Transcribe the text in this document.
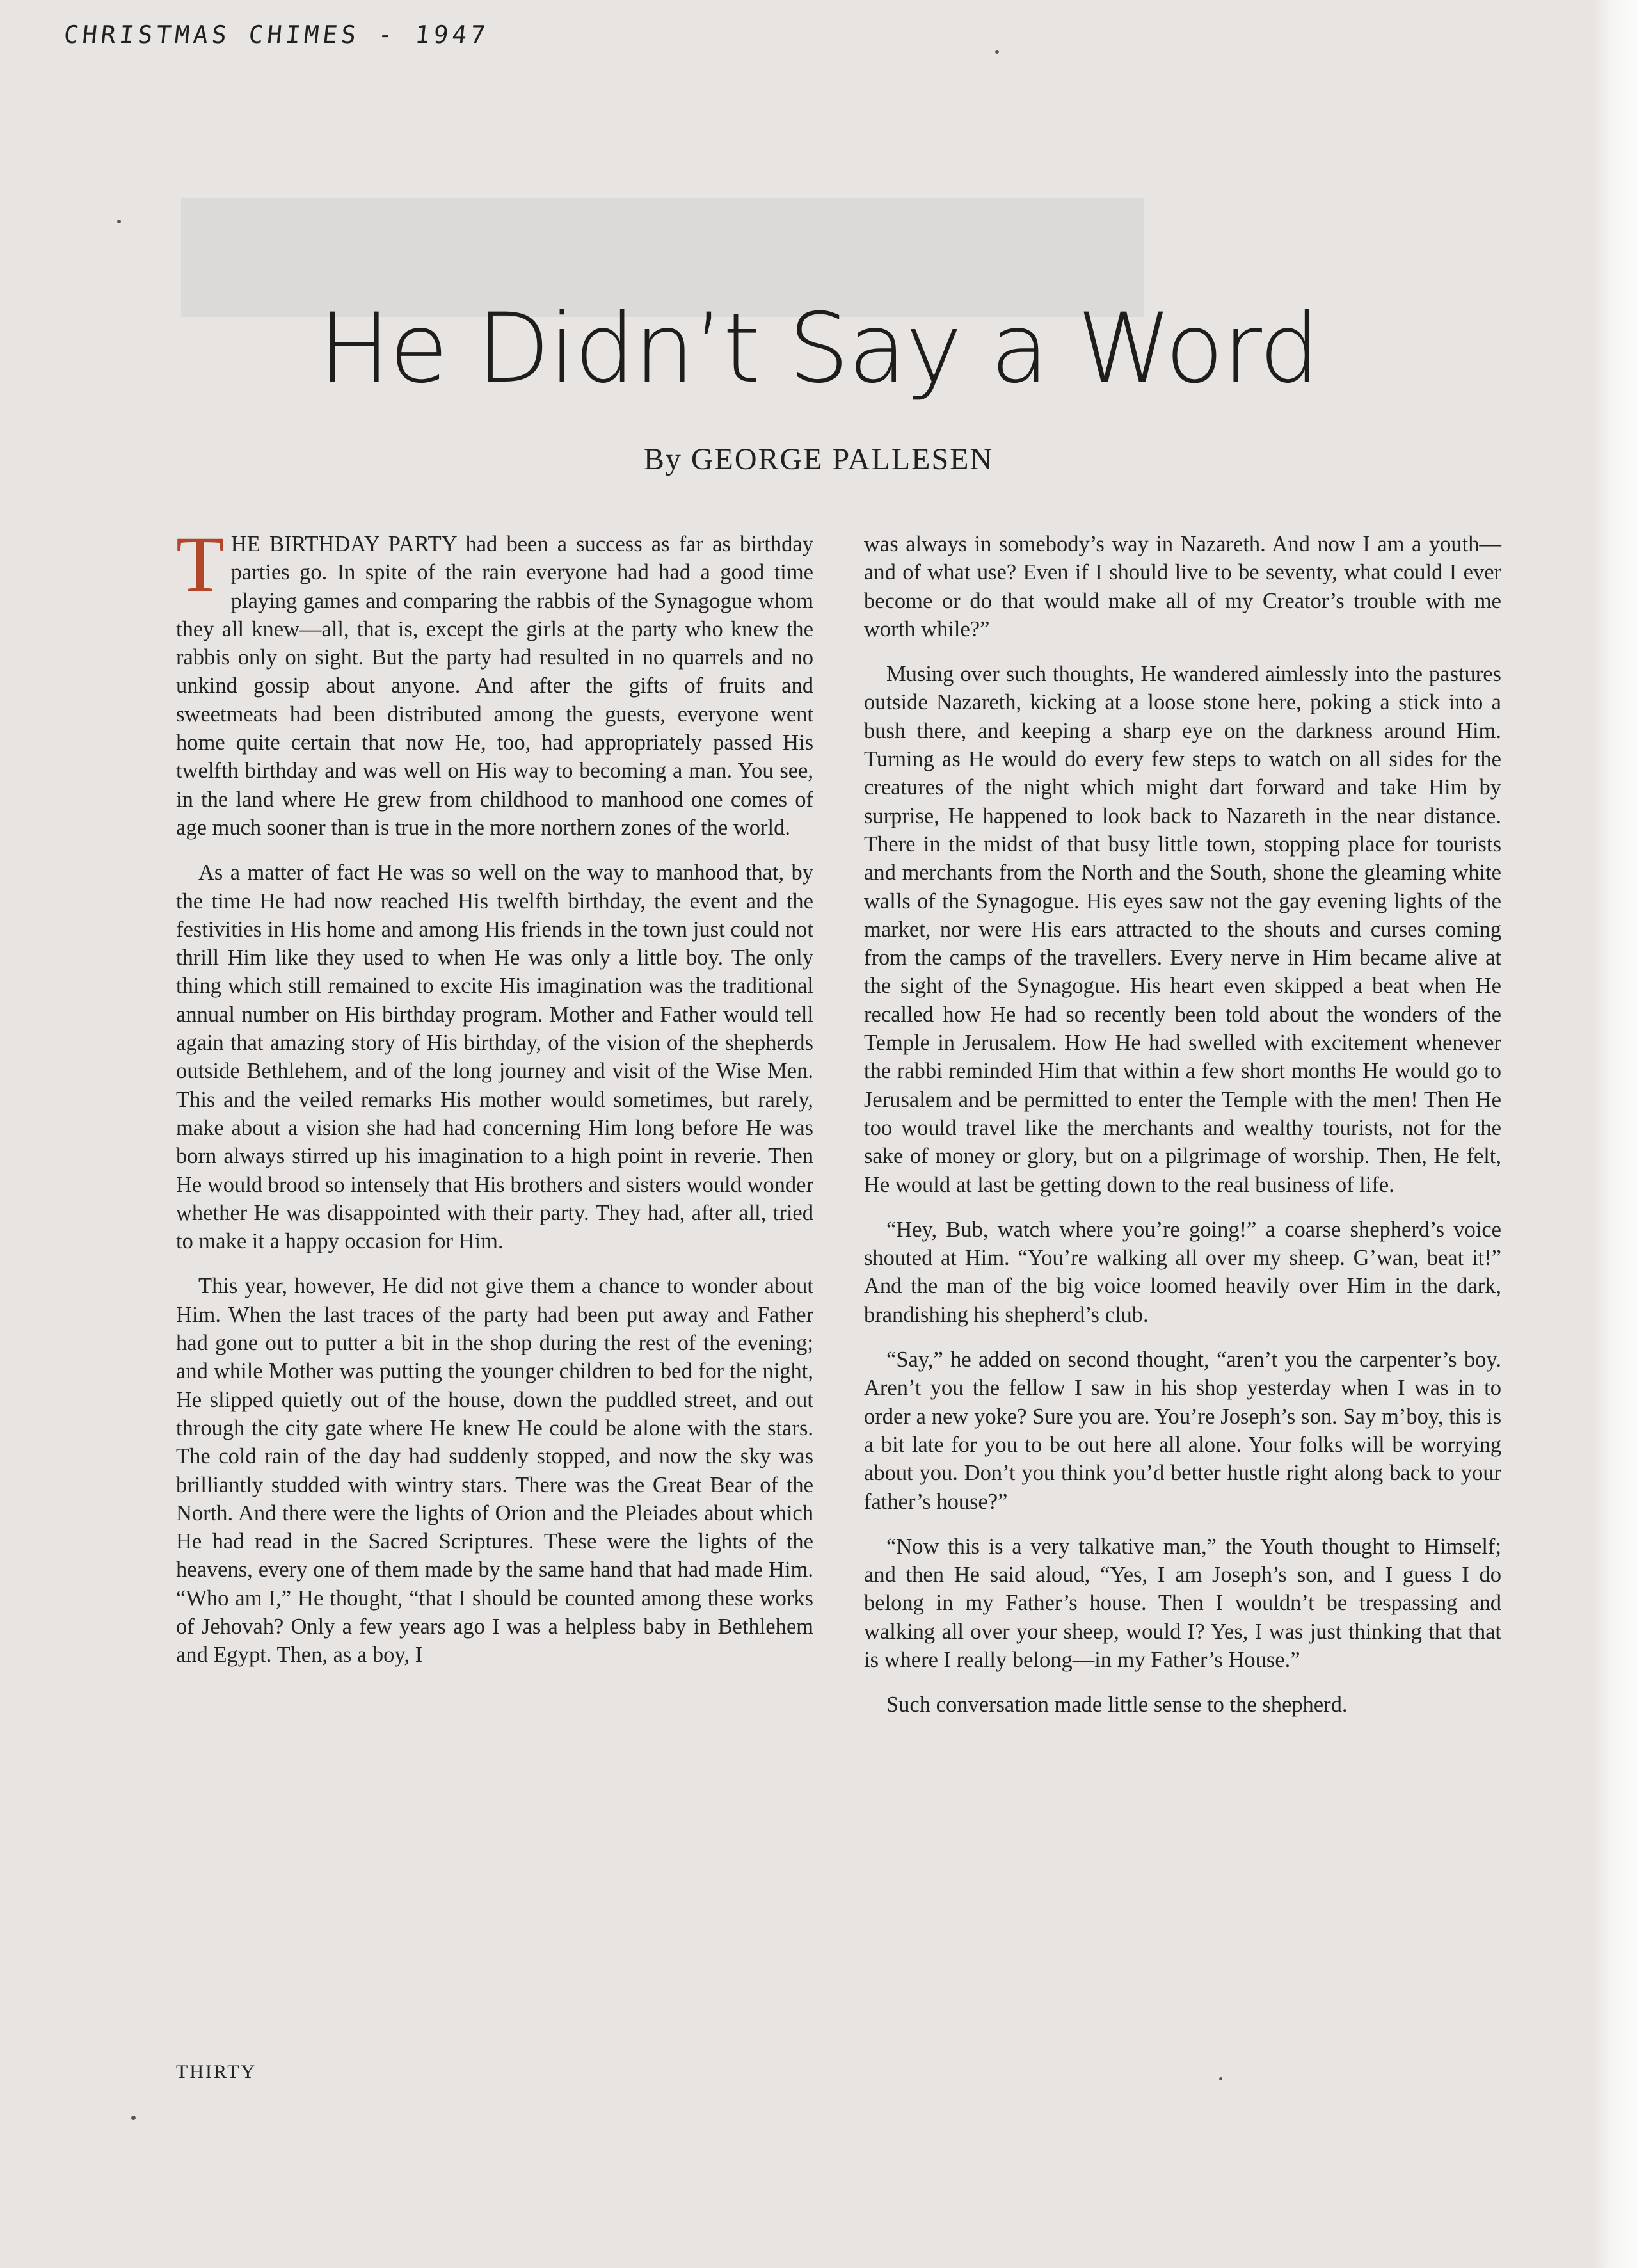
CHRISTMAS CHIMES - 1947
He Didn’t Say a Word
By GEORGE PALLESEN

THE BIRTHDAY PARTY had been a success as far as birthday parties go. In spite of the rain everyone had had a good time playing games and comparing the rabbis of the Synagogue whom they all knew—all, that is, except the girls at the party who knew the rabbis only on sight. But the party had resulted in no quarrels and no unkind gossip about anyone. And after the gifts of fruits and sweetmeats had been distributed among the guests, everyone went home quite certain that now He, too, had appropriately passed His twelfth birthday and was well on His way to becoming a man. You see, in the land where He grew from childhood to manhood one comes of age much sooner than is true in the more northern zones of the world.

As a matter of fact He was so well on the way to manhood that, by the time He had now reached His twelfth birthday, the event and the festivities in His home and among His friends in the town just could not thrill Him like they used to when He was only a little boy. The only thing which still remained to excite His imagination was the traditional annual number on His birthday program. Mother and Father would tell again that amazing story of His birthday, of the vision of the shepherds outside Bethlehem, and of the long journey and visit of the Wise Men. This and the veiled remarks His mother would sometimes, but rarely, make about a vision she had had concerning Him long before He was born always stirred up his imagination to a high point in reverie. Then He would brood so intensely that His brothers and sisters would wonder whether He was disappointed with their party. They had, after all, tried to make it a happy occasion for Him.

This year, however, He did not give them a chance to wonder about Him. When the last traces of the party had been put away and Father had gone out to putter a bit in the shop during the rest of the evening; and while Mother was putting the younger children to bed for the night, He slipped quietly out of the house, down the puddled street, and out through the city gate where He knew He could be alone with the stars. The cold rain of the day had suddenly stopped, and now the sky was brilliantly studded with wintry stars. There was the Great Bear of the North. And there were the lights of Orion and the Pleiades about which He had read in the Sacred Scriptures. These were the lights of the heavens, every one of them made by the same hand that had made Him. “Who am I,” He thought, “that I should be counted among these works of Jehovah? Only a few years ago I was a helpless baby in Bethlehem and Egypt. Then, as a boy, I

was always in somebody’s way in Nazareth. And now I am a youth—and of what use? Even if I should live to be seventy, what could I ever become or do that would make all of my Creator’s trouble with me worth while?”

Musing over such thoughts, He wandered aimlessly into the pastures outside Nazareth, kicking at a loose stone here, poking a stick into a bush there, and keeping a sharp eye on the darkness around Him. Turning as He would do every few steps to watch on all sides for the creatures of the night which might dart forward and take Him by surprise, He happened to look back to Nazareth in the near distance. There in the midst of that busy little town, stopping place for tourists and merchants from the North and the South, shone the gleaming white walls of the Synagogue. His eyes saw not the gay evening lights of the market, nor were His ears attracted to the shouts and curses coming from the camps of the travellers. Every nerve in Him became alive at the sight of the Synagogue. His heart even skipped a beat when He recalled how He had so recently been told about the wonders of the Temple in Jerusalem. How He had swelled with excitement whenever the rabbi reminded Him that within a few short months He would go to Jerusalem and be permitted to enter the Temple with the men! Then He too would travel like the merchants and wealthy tourists, not for the sake of money or glory, but on a pilgrimage of worship. Then, He felt, He would at last be getting down to the real business of life.

“Hey, Bub, watch where you’re going!” a coarse shepherd’s voice shouted at Him. “You’re walking all over my sheep. G’wan, beat it!” And the man of the big voice loomed heavily over Him in the dark, brandishing his shepherd’s club.

“Say,” he added on second thought, “aren’t you the carpenter’s boy. Aren’t you the fellow I saw in his shop yesterday when I was in to order a new yoke? Sure you are. You’re Joseph’s son. Say m’boy, this is a bit late for you to be out here all alone. Your folks will be worrying about you. Don’t you think you’d better hustle right along back to your father’s house?”

“Now this is a very talkative man,” the Youth thought to Himself; and then He said aloud, “Yes, I am Joseph’s son, and I guess I do belong in my Father’s house. Then I wouldn’t be trespassing and walking all over your sheep, would I? Yes, I was just thinking that that is where I really belong—in my Father’s House.”

Such conversation made little sense to the shepherd.

THIRTY
